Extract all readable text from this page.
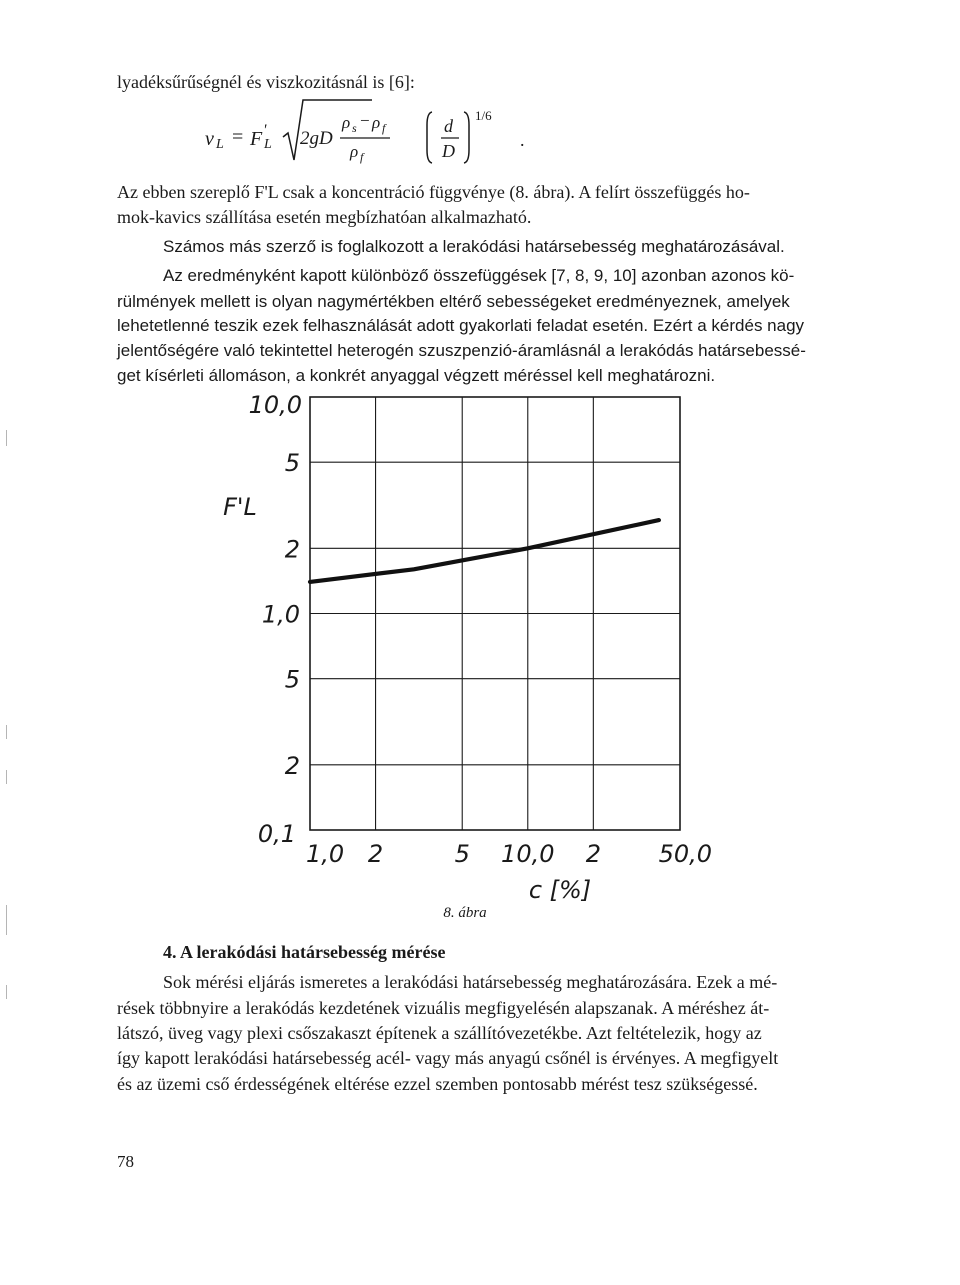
lyadéksűrűségnél és viszkozitásnál is [6]:
v L = F '
L 2gD
ρ s − ρ f
ρ f
d
D
1/6
.
Az ebben szereplő F'L csak a koncentráció függvénye (8. ábra). A felírt összefüggés ho-
mok-kavics szállítása esetén megbízhatóan alkalmazható.
Számos más szerző is foglalkozott a lerakódási határsebesség meghatározásával.
Az eredményként kapott különböző összefüggések [7, 8, 9, 10] azonban azonos kö-
rülmények mellett is olyan nagymértékben eltérő sebességeket eredményeznek, amelyek
lehetetlenné teszik ezek felhasználását adott gyakorlati feladat esetén. Ezért a kérdés nagy
jelentőségére való tekintettel heterogén szuszpenzió-áramlásnál a lerakódás határsebessé-
get kísérleti állomáson, a konkrét anyaggal végzett méréssel kell meghatározni.
10,0
5
2
1,0
5
2
0,1
1,0 2	5 10,0 2 50,0
c [%]
F'L
8. ábra
4. A lerakódási határsebesség mérése
Sok mérési eljárás ismeretes a lerakódási határsebesség meghatározására. Ezek a mé-
rések többnyire a lerakódás kezdetének vizuális megfigyelésén alapszanak. A méréshez át-
látszó, üveg vagy plexi csőszakaszt építenek a szállítóvezetékbe. Azt feltételezik, hogy az
így kapott lerakódási határsebesség acél- vagy más anyagú csőnél is érvényes. A megfigyelt
és az üzemi cső érdességének eltérése ezzel szemben pontosabb mérést tesz szükségessé.
78
